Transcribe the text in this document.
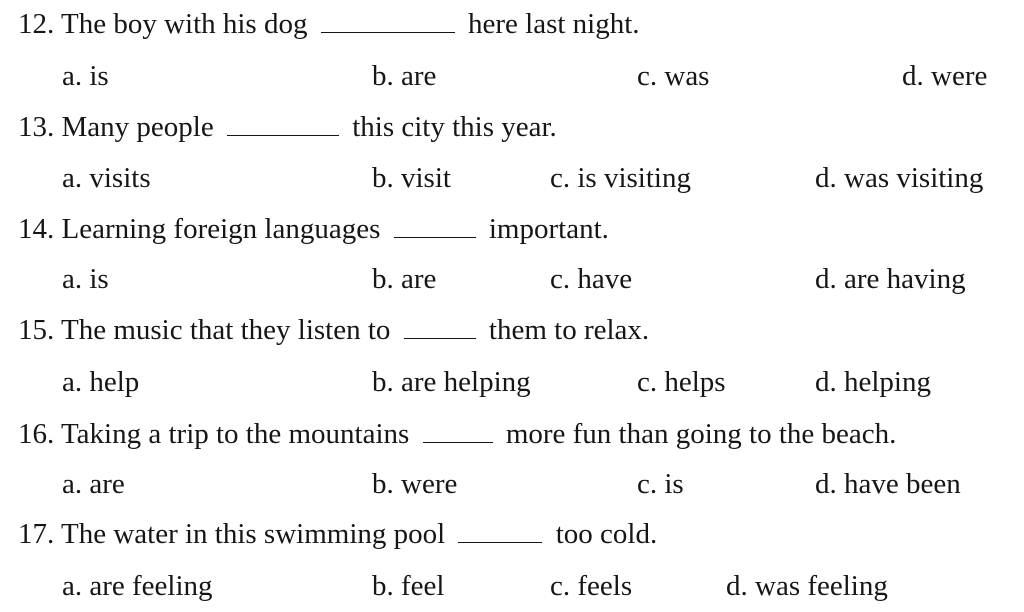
12. The boy with his dog	here last night.
a. is	b. are	c. was	d. were
13. Many people	this city this year.
a. visits	b. visit	c. is visiting	d. was visiting
14. Learning foreign languages	important.
a. is	b. are	c. have	d. are having
15. The music that they listen to	them to relax.
a. help	b. are helping	c. helps	d. helping
16. Taking a trip to the mountains	more fun than going to the beach.
a. are	b. were	c. is	d. have been
17. The water in this swimming pool	too cold.
a. are feeling	b. feel	c. feels	d. was feeling
